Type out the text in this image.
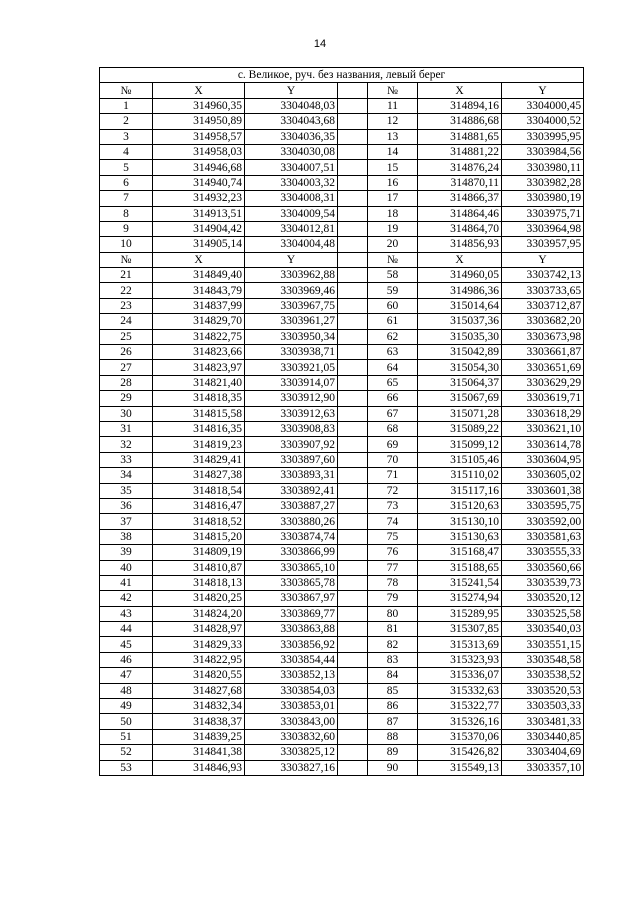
14
с. Великое, руч. без названия, левый берег						
№	X	Y		№	X	Y
1	314960,35	3304048,03		11	314894,16	3304000,45
2	314950,89	3304043,68		12	314886,68	3304000,52
3	314958,57	3304036,35		13	314881,65	3303995,95
4	314958,03	3304030,08		14	314881,22	3303984,56
5	314946,68	3304007,51		15	314876,24	3303980,11
6	314940,74	3304003,32		16	314870,11	3303982,28
7	314932,23	3304008,31		17	314866,37	3303980,19
8	314913,51	3304009,54		18	314864,46	3303975,71
9	314904,42	3304012,81		19	314864,70	3303964,98
10	314905,14	3304004,48		20	314856,93	3303957,95
№	X	Y		№	X	Y
21	314849,40	3303962,88		58	314960,05	3303742,13
22	314843,79	3303969,46		59	314986,36	3303733,65
23	314837,99	3303967,75		60	315014,64	3303712,87
24	314829,70	3303961,27		61	315037,36	3303682,20
25	314822,75	3303950,34		62	315035,30	3303673,98
26	314823,66	3303938,71		63	315042,89	3303661,87
27	314823,97	3303921,05		64	315054,30	3303651,69
28	314821,40	3303914,07		65	315064,37	3303629,29
29	314818,35	3303912,90		66	315067,69	3303619,71
30	314815,58	3303912,63		67	315071,28	3303618,29
31	314816,35	3303908,83		68	315089,22	3303621,10
32	314819,23	3303907,92		69	315099,12	3303614,78
33	314829,41	3303897,60		70	315105,46	3303604,95
34	314827,38	3303893,31		71	315110,02	3303605,02
35	314818,54	3303892,41		72	315117,16	3303601,38
36	314816,47	3303887,27		73	315120,63	3303595,75
37	314818,52	3303880,26		74	315130,10	3303592,00
38	314815,20	3303874,74		75	315130,63	3303581,63
39	314809,19	3303866,99		76	315168,47	3303555,33
40	314810,87	3303865,10		77	315188,65	3303560,66
41	314818,13	3303865,78		78	315241,54	3303539,73
42	314820,25	3303867,97		79	315274,94	3303520,12
43	314824,20	3303869,77		80	315289,95	3303525,58
44	314828,97	3303863,88		81	315307,85	3303540,03
45	314829,33	3303856,92		82	315313,69	3303551,15
46	314822,95	3303854,44		83	315323,93	3303548,58
47	314820,55	3303852,13		84	315336,07	3303538,52
48	314827,68	3303854,03		85	315332,63	3303520,53
49	314832,34	3303853,01		86	315322,77	3303503,33
50	314838,37	3303843,00		87	315326,16	3303481,33
51	314839,25	3303832,60		88	315370,06	3303440,85
52	314841,38	3303825,12		89	315426,82	3303404,69
53	314846,93	3303827,16		90	315549,13	3303357,10
